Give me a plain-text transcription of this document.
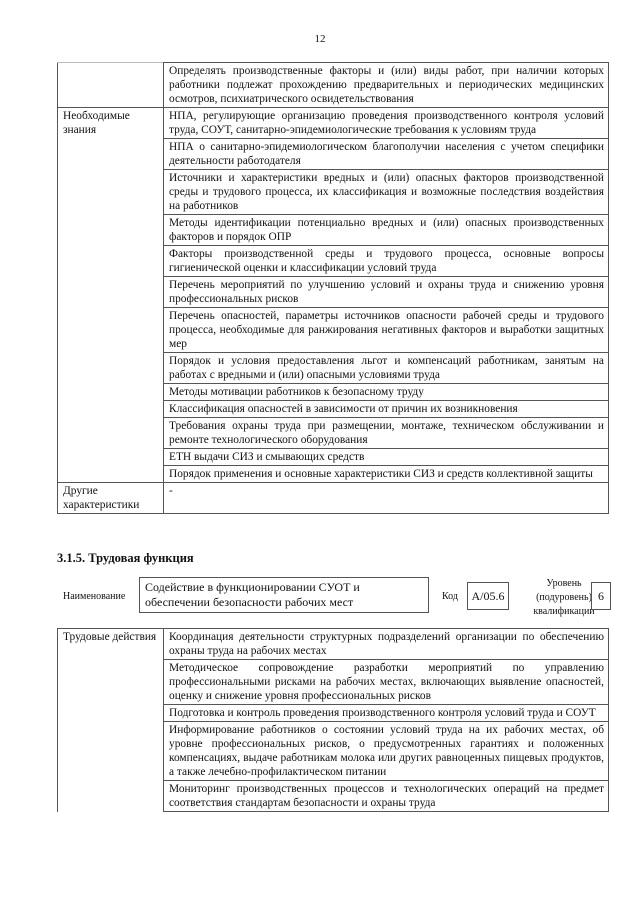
12
	Определять производственные факторы и (или) виды работ, при наличии которых работники подлежат прохождению предварительных и периодических медицинских осмотров, психиатрического освидетельствования
Необходимые знания	НПА, регулирующие организацию проведения производственного контроля условий труда, СОУТ, санитарно-эпидемиологические требования к условиям труда
	НПА о санитарно-эпидемиологическом благополучии населения с учетом специфики деятельности работодателя
	Источники и характеристики вредных и (или) опасных факторов производственной среды и трудового процесса, их классификация и возможные последствия воздействия на работников
	Методы идентификации потенциально вредных и (или) опасных производственных факторов и порядок ОПР
	Факторы производственной среды и трудового процесса, основные вопросы гигиенической оценки и классификации условий труда
	Перечень мероприятий по улучшению условий и охраны труда и снижению уровня профессиональных рисков
	Перечень опасностей, параметры источников опасности рабочей среды и трудового процесса, необходимые для ранжирования негативных факторов и выработки защитных мер
	Порядок и условия предоставления льгот и компенсаций работникам, занятым на работах с вредными и (или) опасными условиями труда
	Методы мотивации работников к безопасному труду
	Классификация опасностей в зависимости от причин их возникновения
	Требования охраны труда при размещении, монтаже, техническом обслуживании и ремонте технологического оборудования
	ЕТН выдачи СИЗ и смывающих средств
	Порядок применения и основные характеристики СИЗ и средств коллективной защиты
Другие характеристики	-
3.1.5. Трудовая функция
Наименование
Содействие в функционировании СУОТ и обеспечении безопасности рабочих мест	Код	А/05.6
Уровень (подуровень) квалификации
6
Трудовые действия	Координация деятельности структурных подразделений организации по обеспечению охраны труда на рабочих местах
Методическое сопровождение разработки мероприятий по управлению профессиональными рисками на рабочих местах, включающих выявление опасностей, оценку и снижение уровня профессиональных рисков
Подготовка и контроль проведения производственного контроля условий труда и СОУТ
Информирование работников о состоянии условий труда на их рабочих местах, об уровне профессиональных рисков, о предусмотренных гарантиях и положенных компенсациях, выдаче работникам молока или других равноценных пищевых продуктов, а также лечебно-профилактическом питании
Мониторинг производственных процессов и технологических операций на предмет соответствия стандартам безопасности и охраны труда
